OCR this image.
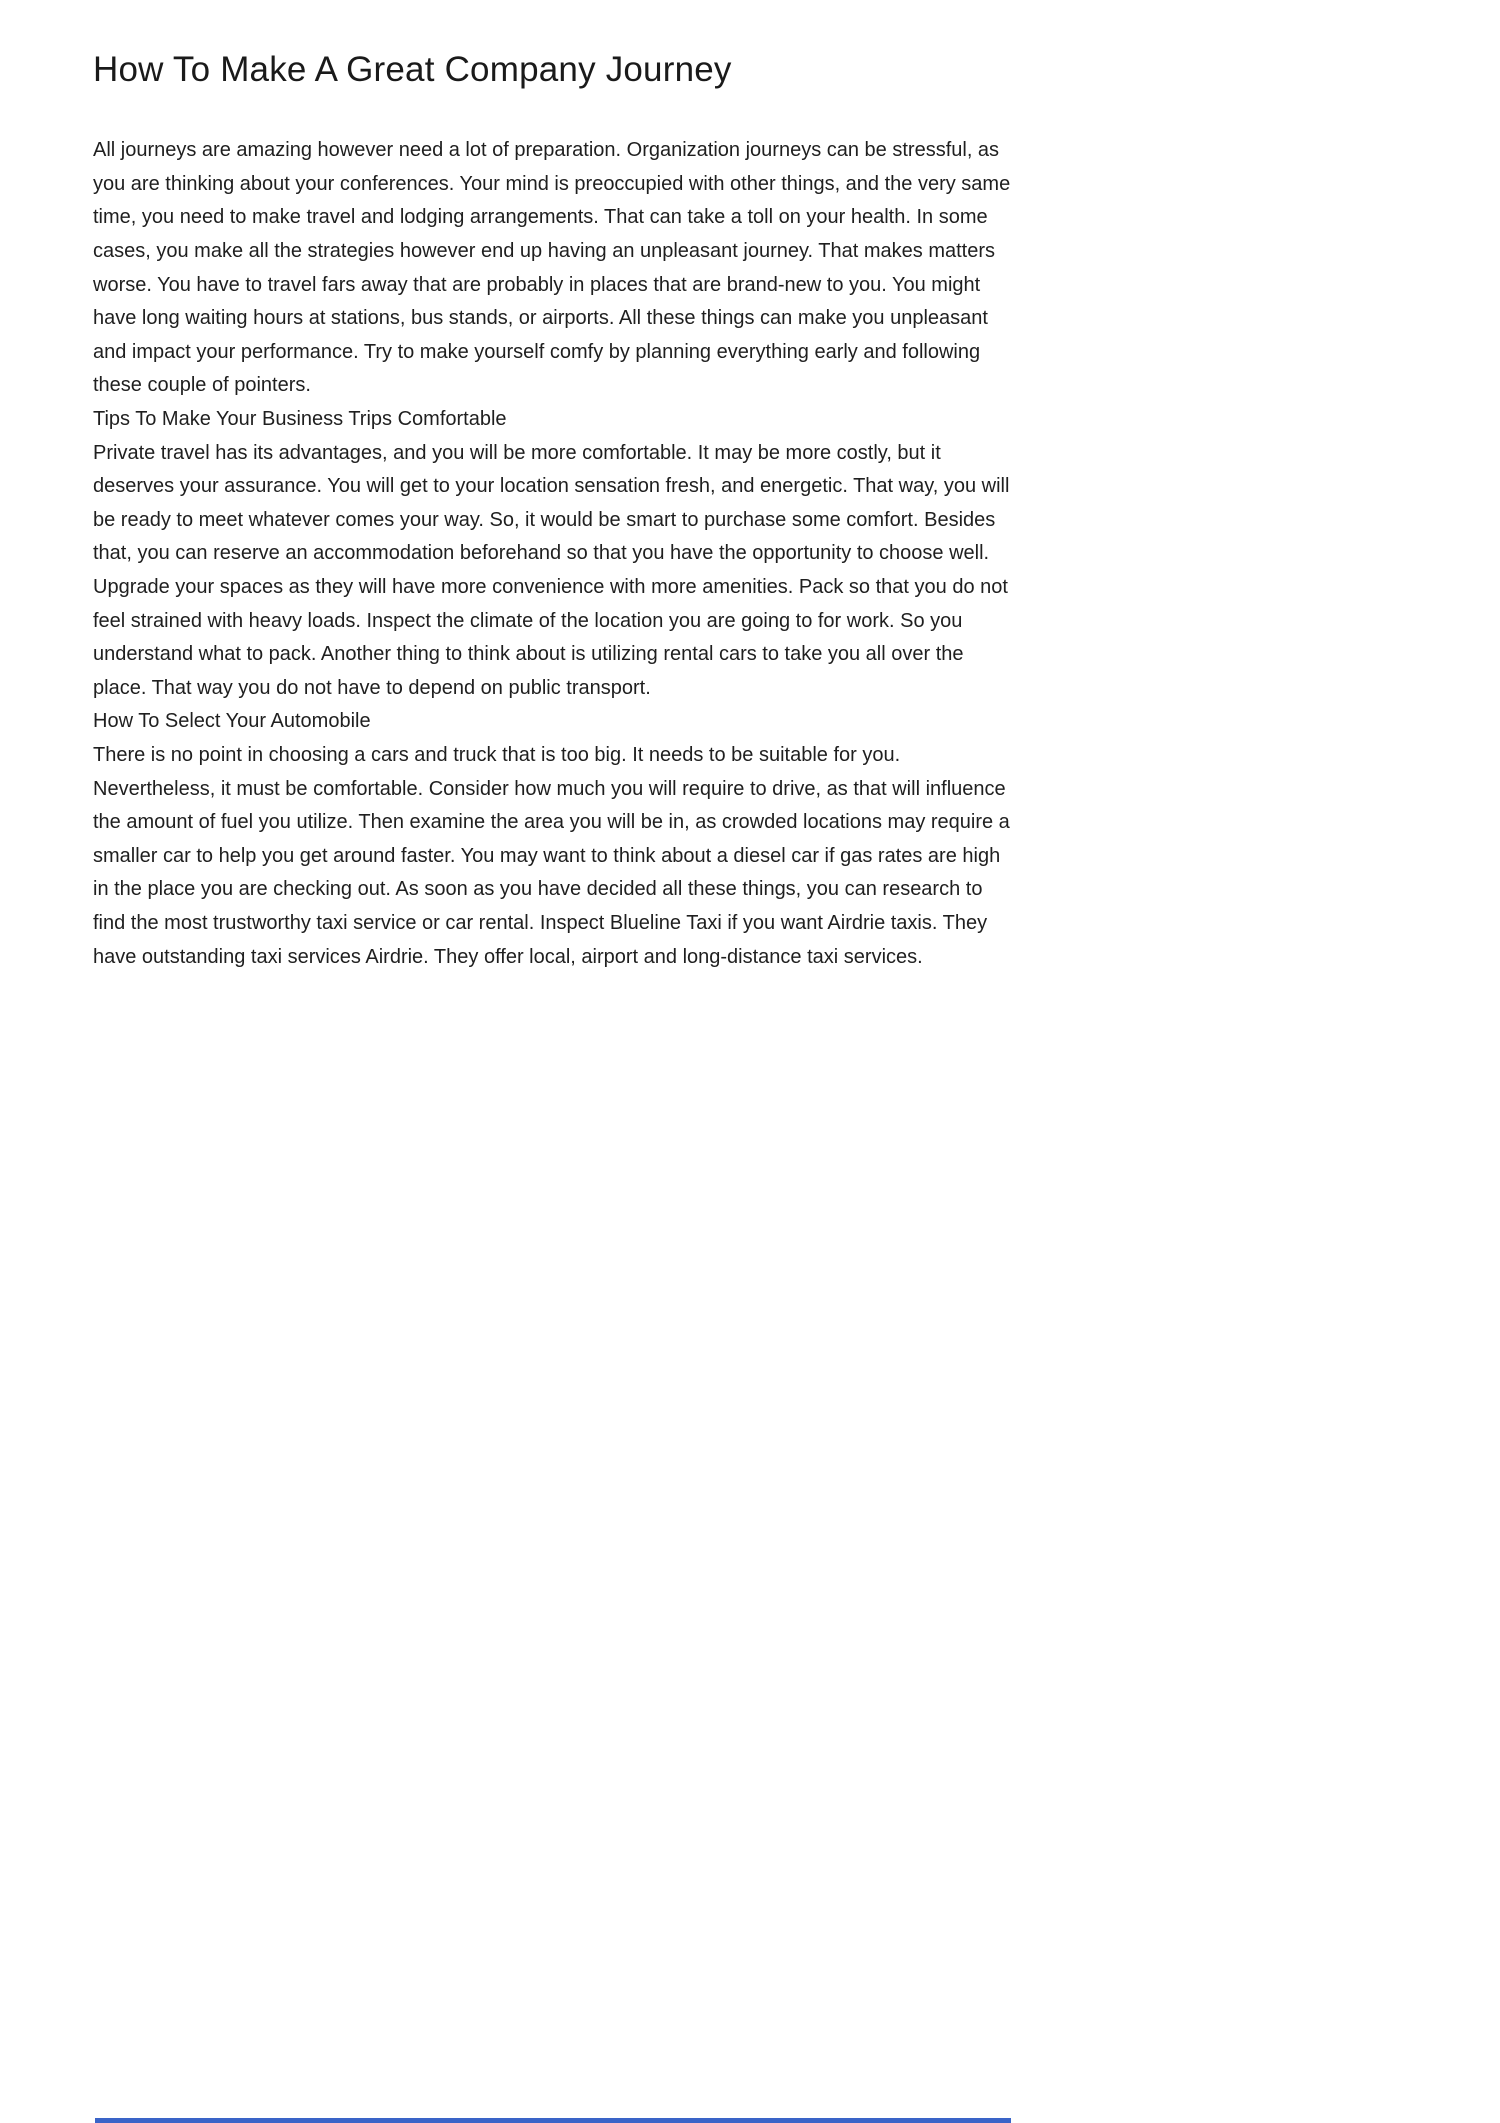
How To Make A Great Company Journey

All journeys are amazing however need a lot of preparation. Organization journeys can be stressful, as you are thinking about your conferences. Your mind is preoccupied with other things, and the very same time, you need to make travel and lodging arrangements. That can take a toll on your health. In some cases, you make all the strategies however end up having an unpleasant journey. That makes matters worse. You have to travel fars away that are probably in places that are brand-new to you. You might have long waiting hours at stations, bus stands, or airports. All these things can make you unpleasant and impact your performance. Try to make yourself comfy by planning everything early and following these couple of pointers.

Tips To Make Your Business Trips Comfortable

Private travel has its advantages, and you will be more comfortable. It may be more costly, but it deserves your assurance. You will get to your location sensation fresh, and energetic. That way, you will be ready to meet whatever comes your way. So, it would be smart to purchase some comfort. Besides that, you can reserve an accommodation beforehand so that you have the opportunity to choose well. Upgrade your spaces as they will have more convenience with more amenities. Pack so that you do not feel strained with heavy loads. Inspect the climate of the location you are going to for work. So you understand what to pack. Another thing to think about is utilizing rental cars to take you all over the place. That way you do not have to depend on public transport.

How To Select Your Automobile

There is no point in choosing a cars and truck that is too big. It needs to be suitable for you. Nevertheless, it must be comfortable. Consider how much you will require to drive, as that will influence the amount of fuel you utilize. Then examine the area you will be in, as crowded locations may require a smaller car to help you get around faster. You may want to think about a diesel car if gas rates are high in the place you are checking out. As soon as you have decided all these things, you can research to find the most trustworthy taxi service or car rental. Inspect Blueline Taxi if you want Airdrie taxis. They have outstanding taxi services Airdrie. They offer local, airport and long-distance taxi services.
